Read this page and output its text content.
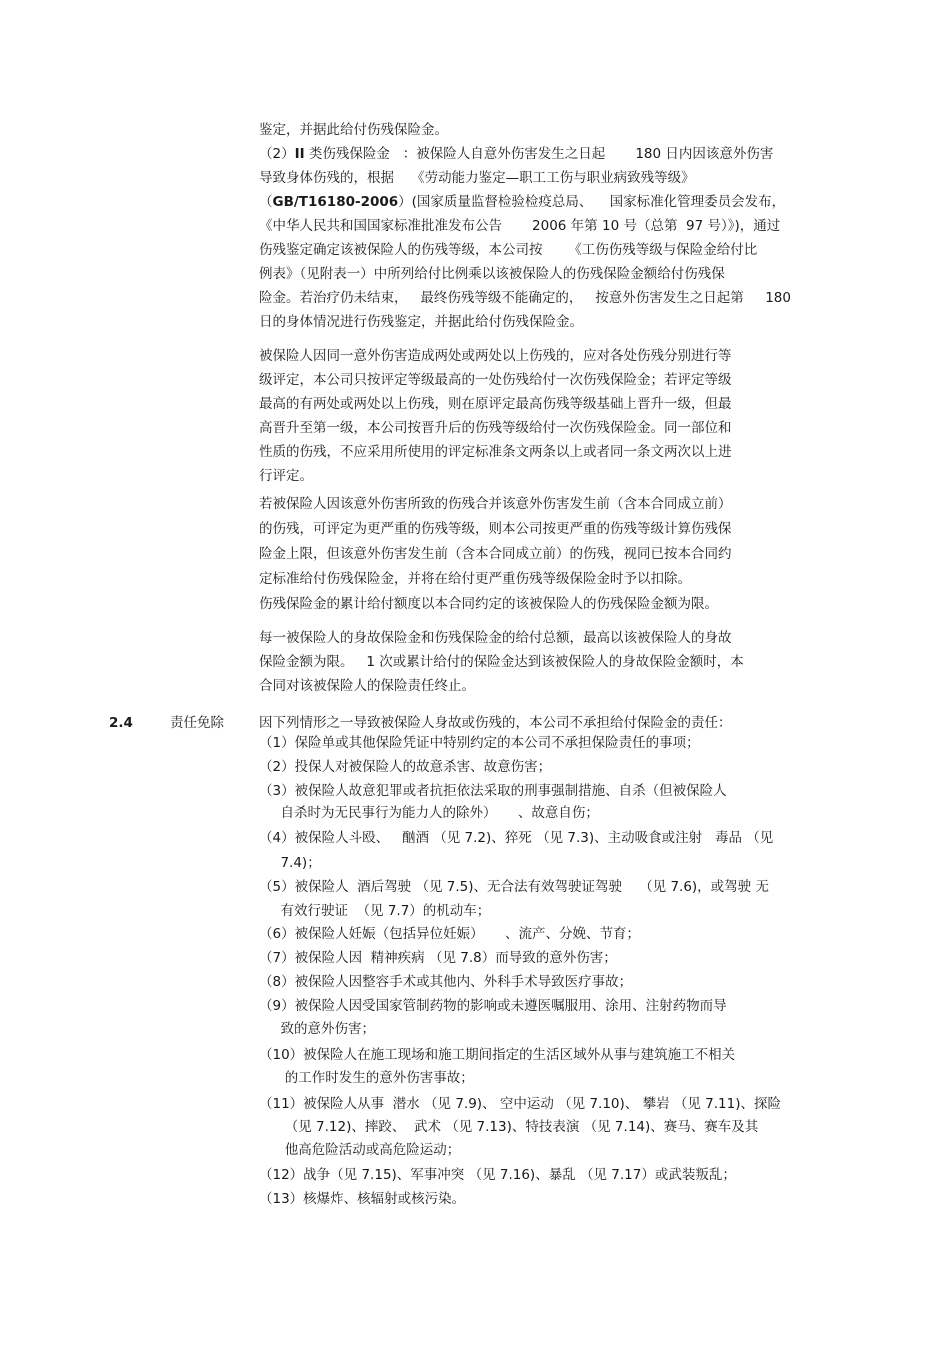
鉴定，并据此给付伤残保险金。
（2）II 类伤残保险金   ：被保险人自意外伤害发生之日起       180 日内因该意外伤害
导致身体伤残的，根据    《劳动能力鉴定—职工工伤与职业病致残等级》
（GB/T16180-2006）(国家质量监督检验检疫总局、    国家标准化管理委员会发布，
《中华人民共和国国家标准批准发布公告       2006 年第 10 号（总第  97 号）》)，通过
伤残鉴定确定该被保险人的伤残等级，本公司按      《工伤伤残等级与保险金给付比
例表》（见附表一）中所列给付比例乘以该被保险人的伤残保险金额给付伤残保
险金。若治疗仍未结束，   最终伤残等级不能确定的，   按意外伤害发生之日起第     180
日的身体情况进行伤残鉴定，并据此给付伤残保险金。
被保险人因同一意外伤害造成两处或两处以上伤残的，应对各处伤残分别进行等
级评定，本公司只按评定等级最高的一处伤残给付一次伤残保险金；若评定等级
最高的有两处或两处以上伤残，则在原评定最高伤残等级基础上晋升一级，但最
高晋升至第一级，本公司按晋升后的伤残等级给付一次伤残保险金。同一部位和
性质的伤残，不应采用所使用的评定标准条文两条以上或者同一条文两次以上进
行评定。
若被保险人因该意外伤害所致的伤残合并该意外伤害发生前（含本合同成立前）
的伤残，可评定为更严重的伤残等级，则本公司按更严重的伤残等级计算伤残保
险金上限，但该意外伤害发生前（含本合同成立前）的伤残，视同已按本合同约
定标准给付伤残保险金，并将在给付更严重伤残等级保险金时予以扣除。
伤残保险金的累计给付额度以本合同约定的该被保险人的伤残保险金额为限。
每一被保险人的身故保险金和伤残保险金的给付总额，最高以该被保险人的身故
保险金额为限。   1 次或累计给付的保险金达到该被保险人的身故保险金额时，本
合同对该被保险人的保险责任终止。
2.4	责任免除	因下列情形之一导致被保险人身故或伤残的，本公司不承担给付保险金的责任：
（1）保险单或其他保险凭证中特别约定的本公司不承担保险责任的事项；
（2）投保人对被保险人的故意杀害、故意伤害；
（3）被保险人故意犯罪或者抗拒依法采取的刑事强制措施、自杀（但被保险人
自杀时为无民事行为能力人的除外）     、故意自伤；
（4）被保险人斗殴、   酗酒 （见 7.2)、猝死 （见 7.3)、主动吸食或注射   毒品 （见
7.4)；
（5）被保险人  酒后驾驶 （见 7.5)、无合法有效驾驶证驾驶    （见 7.6)，或驾驶 无
有效行驶证  （见 7.7）的机动车；
（6）被保险人妊娠（包括异位妊娠）     、流产、分娩、节育；
（7）被保险人因  精神疾病 （见 7.8）而导致的意外伤害；
（8）被保险人因整容手术或其他内、外科手术导致医疗事故；
（9）被保险人因受国家管制药物的影响或未遵医嘱服用、涂用、注射药物而导
致的意外伤害；
（10）被保险人在施工现场和施工期间指定的生活区域外从事与建筑施工不相关
的工作时发生的意外伤害事故；
（11）被保险人从事  潜水 （见 7.9)、 空中运动 （见 7.10)、 攀岩 （见 7.11)、探险
（见 7.12)、摔跤、  武术 （见 7.13)、特技表演 （见 7.14)、赛马、赛车及其
他高危险活动或高危险运动；
（12）战争（见 7.15)、军事冲突 （见 7.16)、暴乱 （见 7.17）或武装叛乱；
（13）核爆炸、核辐射或核污染。
